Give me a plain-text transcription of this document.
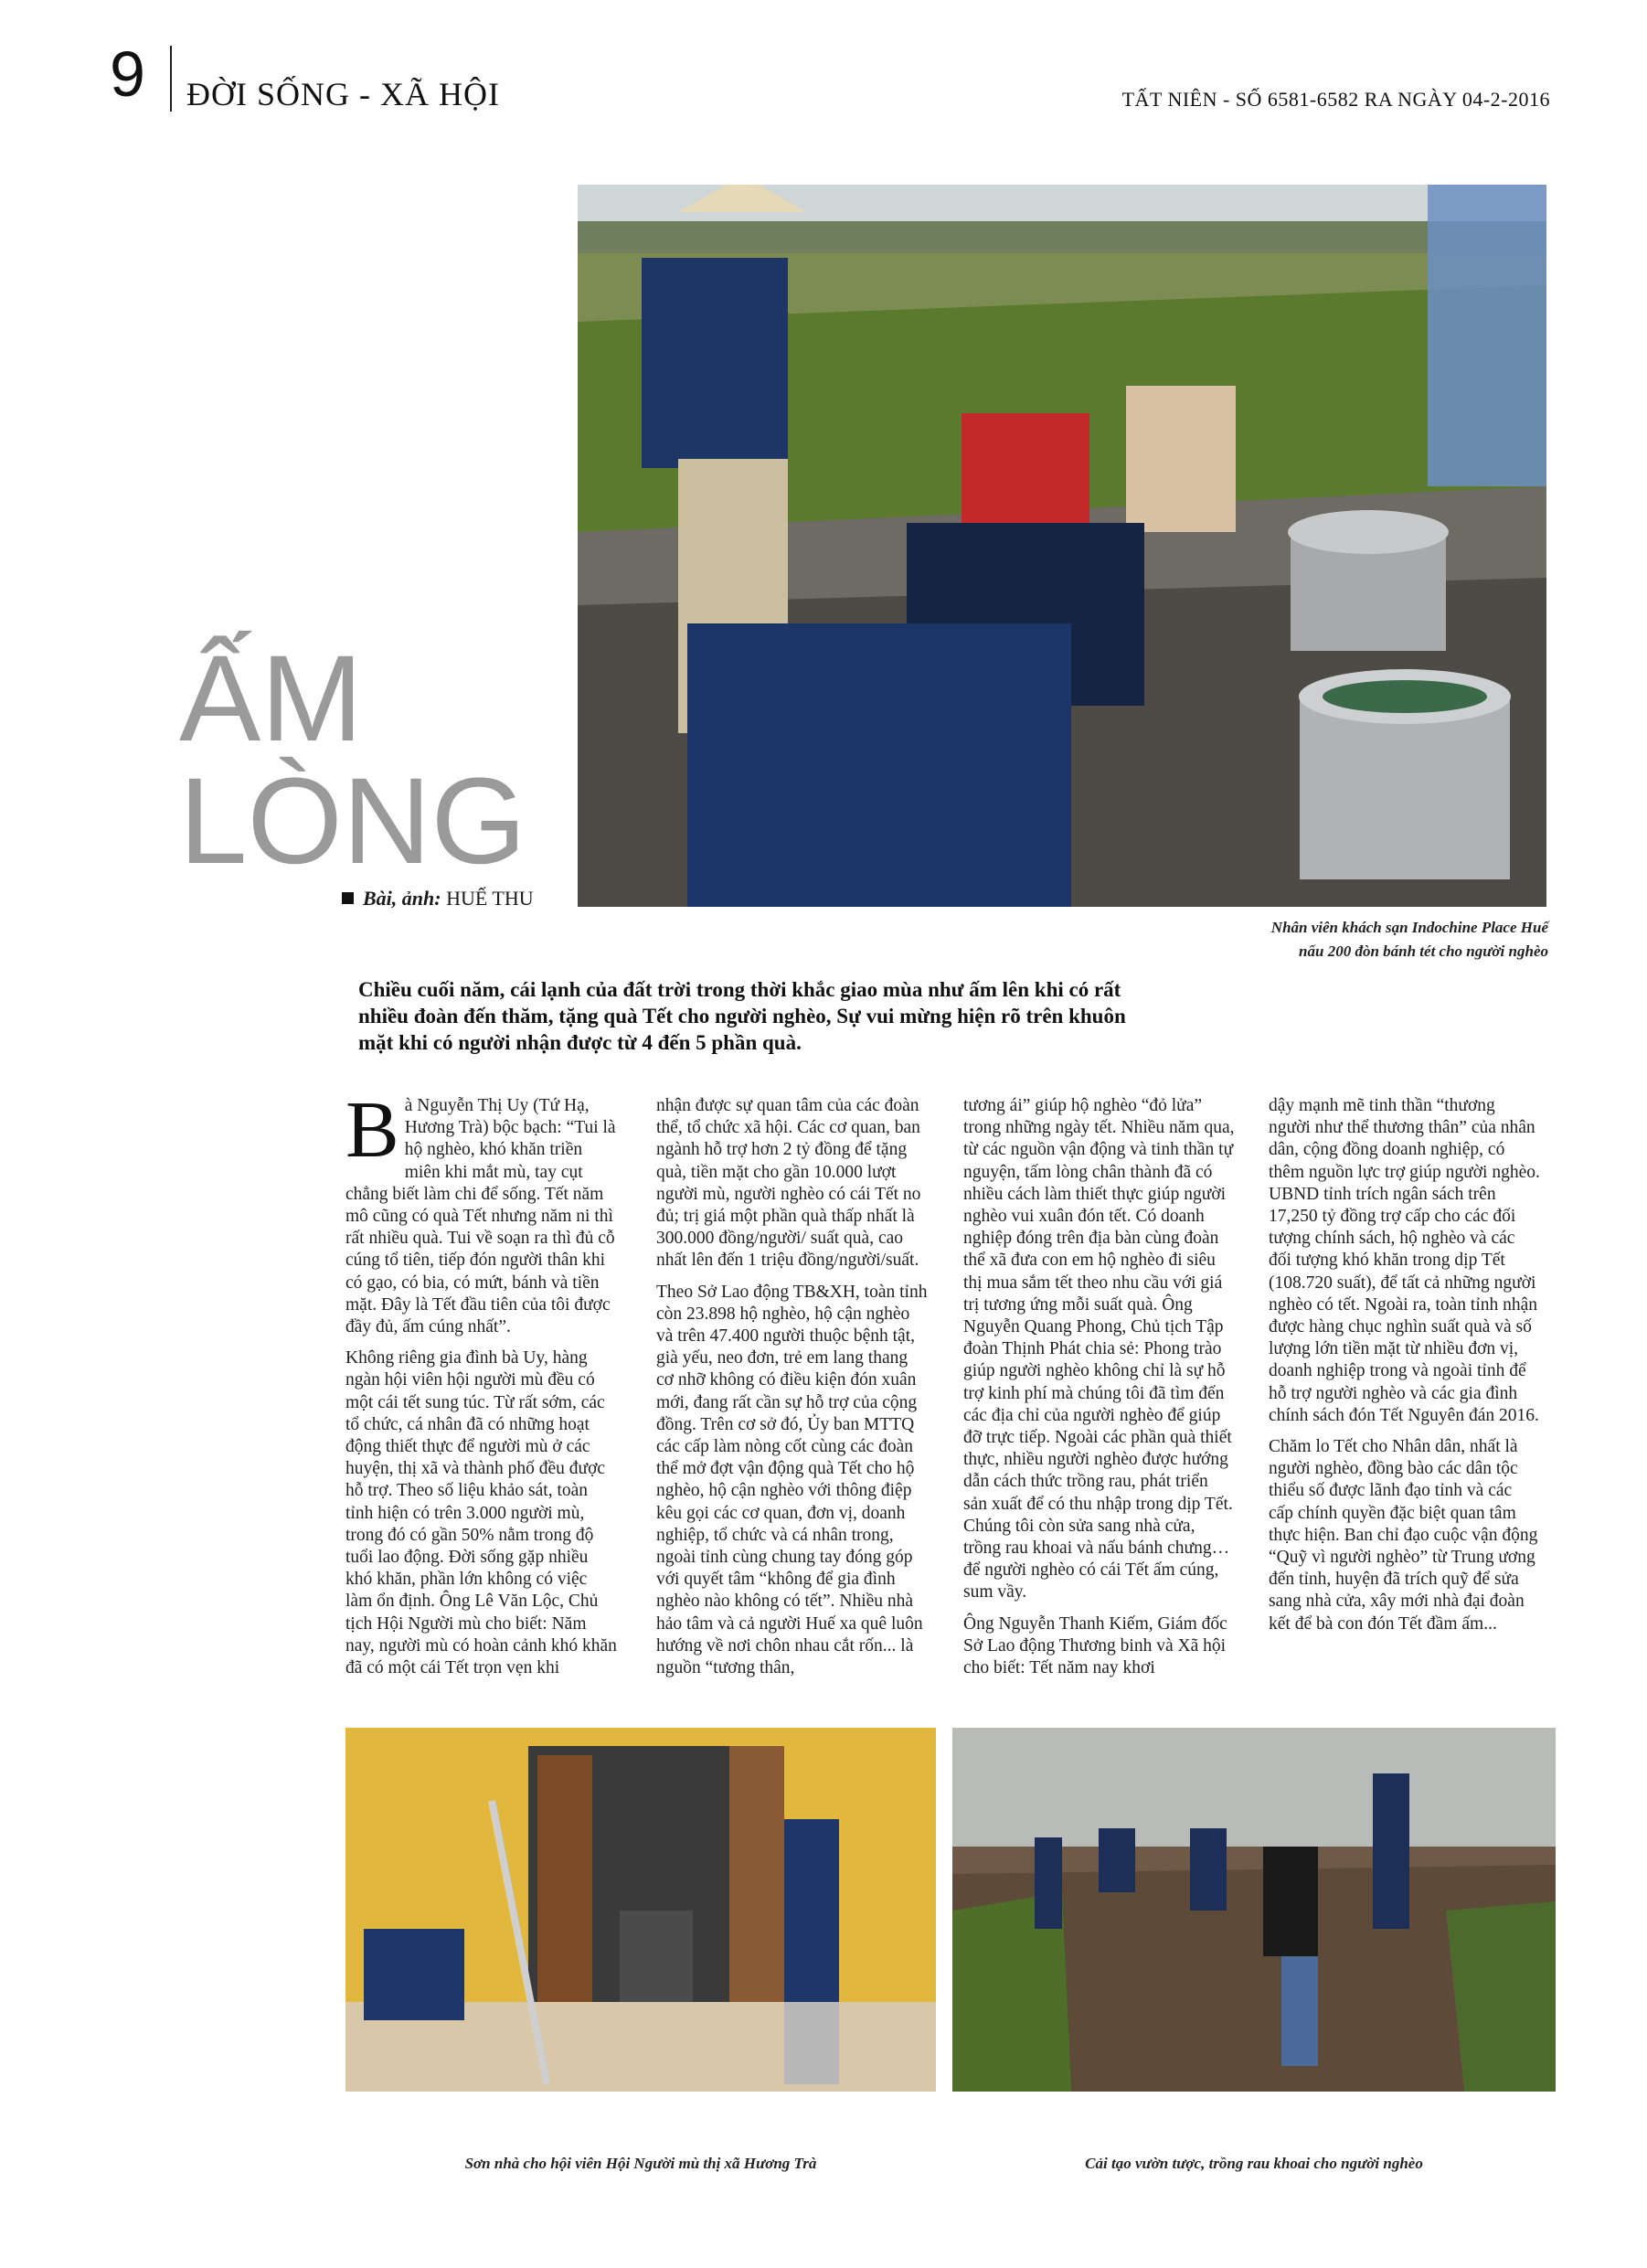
9 ĐỜI SỐNG - XÃ HỘI	TẤT NIÊN - SỐ 6581-6582 RA NGÀY 04-2-2016
ẤM
LÒNG
Bài, ảnh: HUẾ THU
Nhân viên khách sạn Indochine Place Huế
nấu 200 đòn bánh tét cho người nghèo
Chiều cuối năm, cái lạnh của đất trời trong thời khắc giao mùa như ấm lên khi có rất nhiều đoàn đến thăm, tặng quà Tết cho người nghèo, Sự vui mừng hiện rõ trên khuôn mặt khi có người nhận được từ 4 đến 5 phần quà.

Bà Nguyễn Thị Uy (Tứ Hạ, Hương Trà) bộc bạch: “Tui là hộ nghèo, khó khăn triền miên khi mắt mù, tay cụt chẳng biết làm chi để sống. Tết năm mô cũng có quà Tết nhưng năm ni thì rất nhiều quà. Tui về soạn ra thì đủ cỗ cúng tổ tiên, tiếp đón người thân khi có gạo, có bia, có mứt, bánh và tiền mặt. Đây là Tết đầu tiên của tôi được đầy đủ, ấm cúng nhất”.

Không riêng gia đình bà Uy, hàng ngàn hội viên hội người mù đều có một cái tết sung túc. Từ rất sớm, các tổ chức, cá nhân đã có những hoạt động thiết thực để người mù ở các huyện, thị xã và thành phố đều được hỗ trợ. Theo số liệu khảo sát, toàn tỉnh hiện có trên 3.000 người mù, trong đó có gần 50% nằm trong độ tuổi lao động. Đời sống gặp nhiều khó khăn, phần lớn không có việc làm ổn định. Ông Lê Văn Lộc, Chủ tịch Hội Người mù cho biết: Năm nay, người mù có hoàn cảnh khó khăn đã có một cái Tết trọn vẹn khi

nhận được sự quan tâm của các đoàn thể, tổ chức xã hội. Các cơ quan, ban ngành hỗ trợ hơn 2 tỷ đồng để tặng quà, tiền mặt cho gần 10.000 lượt người mù, người nghèo có cái Tết no đủ; trị giá một phần quà thấp nhất là 300.000 đồng/người/ suất quà, cao nhất lên đến 1 triệu đồng/người/suất.

Theo Sở Lao động TB&XH, toàn tỉnh còn 23.898 hộ nghèo, hộ cận nghèo và trên 47.400 người thuộc bệnh tật, già yếu, neo đơn, trẻ em lang thang cơ nhỡ không có điều kiện đón xuân mới, đang rất cần sự hỗ trợ của cộng đồng. Trên cơ sở đó, Ủy ban MTTQ các cấp làm nòng cốt cùng các đoàn thể mở đợt vận động quà Tết cho hộ nghèo, hộ cận nghèo với thông điệp kêu gọi các cơ quan, đơn vị, doanh nghiệp, tổ chức và cá nhân trong, ngoài tỉnh cùng chung tay đóng góp với quyết tâm “không để gia đình nghèo nào không có tết”. Nhiều nhà hảo tâm và cả người Huế xa quê luôn hướng về nơi chôn nhau cắt rốn... là nguồn “tương thân,

tương ái” giúp hộ nghèo “đỏ lửa” trong những ngày tết. Nhiều năm qua, từ các nguồn vận động và tinh thần tự nguyện, tấm lòng chân thành đã có nhiều cách làm thiết thực giúp người nghèo vui xuân đón tết. Có doanh nghiệp đóng trên địa bàn cùng đoàn thể xã đưa con em hộ nghèo đi siêu thị mua sắm tết theo nhu cầu với giá trị tương ứng mỗi suất quà. Ông Nguyễn Quang Phong, Chủ tịch Tập đoàn Thịnh Phát chia sẻ: Phong trào giúp người nghèo không chỉ là sự hỗ trợ kinh phí mà chúng tôi đã tìm đến các địa chỉ của người nghèo để giúp đỡ trực tiếp. Ngoài các phần quà thiết thực, nhiều người nghèo được hướng dẫn cách thức trồng rau, phát triển sản xuất để có thu nhập trong dịp Tết. Chúng tôi còn sửa sang nhà cửa, trồng rau khoai và nấu bánh chưng… để người nghèo có cái Tết ấm cúng, sum vầy.

Ông Nguyễn Thanh Kiếm, Giám đốc Sở Lao động Thương binh và Xã hội cho biết: Tết năm nay khơi

dậy mạnh mẽ tinh thần “thương người như thể thương thân” của nhân dân, cộng đồng doanh nghiệp, có thêm nguồn lực trợ giúp người nghèo. UBND tỉnh trích ngân sách trên 17,250 tỷ đồng trợ cấp cho các đối tượng chính sách, hộ nghèo và các đối tượng khó khăn trong dịp Tết (108.720 suất), để tất cả những người nghèo có tết. Ngoài ra, toàn tỉnh nhận được hàng chục nghìn suất quà và số lượng lớn tiền mặt từ nhiều đơn vị, doanh nghiệp trong và ngoài tỉnh để hỗ trợ người nghèo và các gia đình chính sách đón Tết Nguyên đán 2016.

Chăm lo Tết cho Nhân dân, nhất là người nghèo, đồng bào các dân tộc thiểu số được lãnh đạo tỉnh và các cấp chính quyền đặc biệt quan tâm thực hiện. Ban chỉ đạo cuộc vận động “Quỹ vì người nghèo” từ Trung ương đến tỉnh, huyện đã trích quỹ để sửa sang nhà cửa, xây mới nhà đại đoàn kết để bà con đón Tết đầm ấm...

Sơn nhà cho hội viên Hội Người mù thị xã Hương Trà	Cải tạo vườn tược, trồng rau khoai cho người nghèo
